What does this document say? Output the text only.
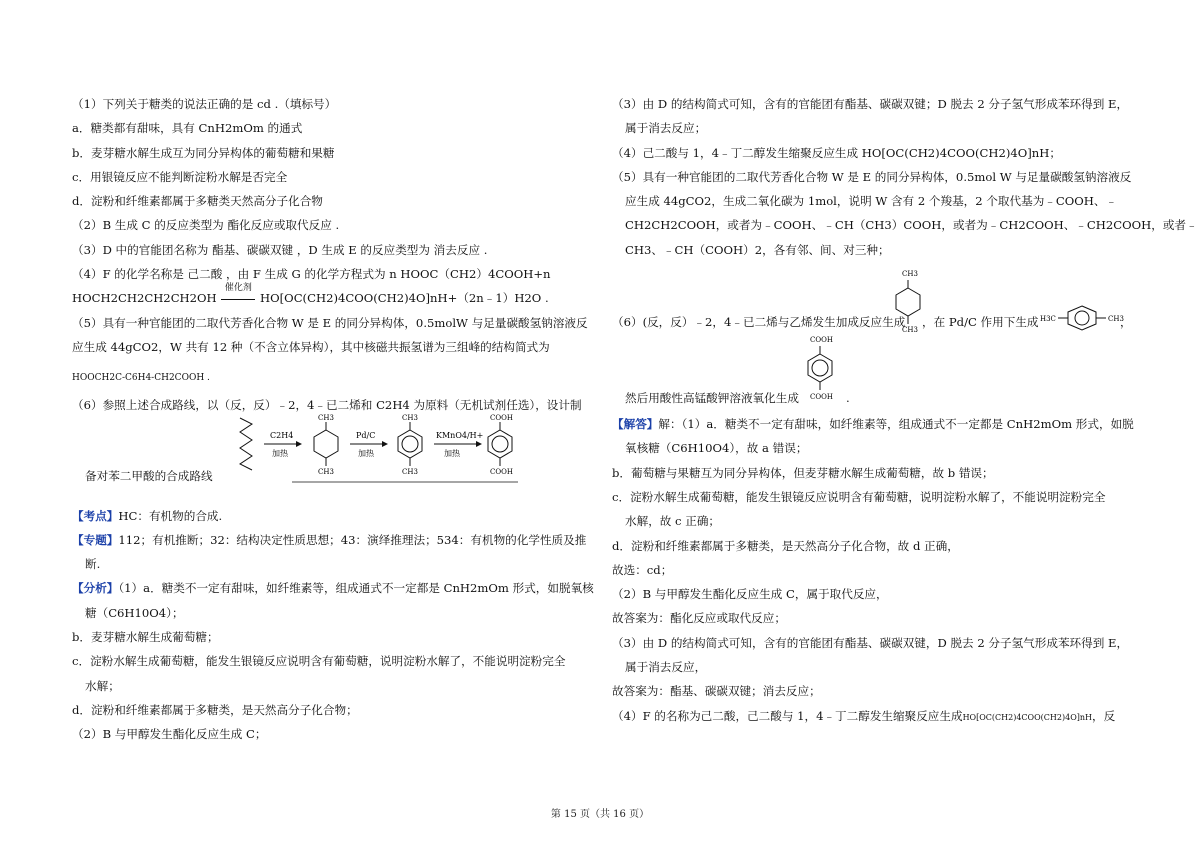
（1）下列关于糖类的说法正确的是 cd .（填标号）
a．糖类都有甜味，具有 CnH2mOm 的通式
b．麦芽糖水解生成互为同分异构体的葡萄糖和果糖
c．用银镜反应不能判断淀粉水解是否完全
d．淀粉和纤维素都属于多糖类天然高分子化合物
（2）B 生成 C 的反应类型为 酯化反应或取代反应 .
（3）D 中的官能团名称为 酯基、碳碳双键 ，D 生成 E 的反应类型为 消去反应 .
（4）F 的化学名称是 己二酸 ，由 F 生成 G 的化学方程式为 n HOOC（CH2）4COOH+n
HOCH2CH2CH2CH2OH
催化剂
HO[OC(CH2)4COO(CH2)4O]nH+（2n﹣1）H2O .
（5）具有一种官能团的二取代芳香化合物 W 是 E 的同分异构体，0.5molW 与足量碳酸氢钠溶液反
应生成 44gCO2，W 共有 12 种（不含立体异构），其中核磁共振氢谱为三组峰的结构简式为
HOOCH2C-C6H4-CH2COOH .
（6）参照上述合成路线，以（反，反）﹣2，4﹣已二烯和 C2H4 为原料（无机试剂任选），设计制
备对苯二甲酸的合成路线
C2H4
加热
Pd/C
加热
KMnO4/H+
加热
CH3
CH3
CH3
CH3
COOH
COOH
【考点】HC：有机物的合成.
【专题】112；有机推断；32：结构决定性质思想；43：演绎推理法；534：有机物的化学性质及推
断.
【分析】（1）a．糖类不一定有甜味，如纤维素等，组成通式不一定都是 CnH2mOm 形式，如脱氧核
糖（C6H10O4）；
b．麦芽糖水解生成葡萄糖；
c．淀粉水解生成葡萄糖，能发生银镜反应说明含有葡萄糖，说明淀粉水解了，不能说明淀粉完全
水解；
d．淀粉和纤维素都属于多糖类，是天然高分子化合物；
（2）B 与甲醇发生酯化反应生成 C；
（3）由 D 的结构简式可知，含有的官能团有酯基、碳碳双键；D 脱去 2 分子氢气形成苯环得到 E，
属于消去反应；
（4）己二酸与 1，4﹣丁二醇发生缩聚反应生成 HO[OC(CH2)4COO(CH2)4O]nH；
（5）具有一种官能团的二取代芳香化合物 W 是 E 的同分异构体，0.5mol W 与足量碳酸氢钠溶液反
应生成 44gCO2，生成二氧化碳为 1mol，说明 W 含有 2 个羧基，2 个取代基为﹣COOH、﹣
CH2CH2COOH，或者为﹣COOH、﹣CH（CH3）COOH，或者为﹣CH2COOH、﹣CH2COOH，或者﹣
CH3、﹣CH（COOH）2，各有邻、间、对三种；
CH3
CH3
H3C	CH3
COOH
COOH
（6）(反，反）﹣2，4﹣已二烯与乙烯发生加成反应生成 ，在 Pd/C 作用下生成	，
然后用酸性高锰酸钾溶液氧化生成	.
【解答】解：（1）a．糖类不一定有甜味，如纤维素等，组成通式不一定都是 CnH2mOm 形式，如脱
氧核糖（C6H10O4），故 a 错误；
b．葡萄糖与果糖互为同分异构体，但麦芽糖水解生成葡萄糖，故 b 错误；
c．淀粉水解生成葡萄糖，能发生银镜反应说明含有葡萄糖，说明淀粉水解了，不能说明淀粉完全
水解，故 c 正确；
d．淀粉和纤维素都属于多糖类，是天然高分子化合物，故 d 正确，
故选：cd；
（2）B 与甲醇发生酯化反应生成 C，属于取代反应，
故答案为：酯化反应或取代反应；
（3）由 D 的结构简式可知，含有的官能团有酯基、碳碳双键，D 脱去 2 分子氢气形成苯环得到 E，
属于消去反应，
故答案为：酯基、碳碳双键；消去反应；
（4）F 的名称为己二酸，己二酸与 1，4﹣丁二醇发生缩聚反应生成HO[OC(CH2)4COO(CH2)4O]nH，反
第 15 页（共 16 页）
